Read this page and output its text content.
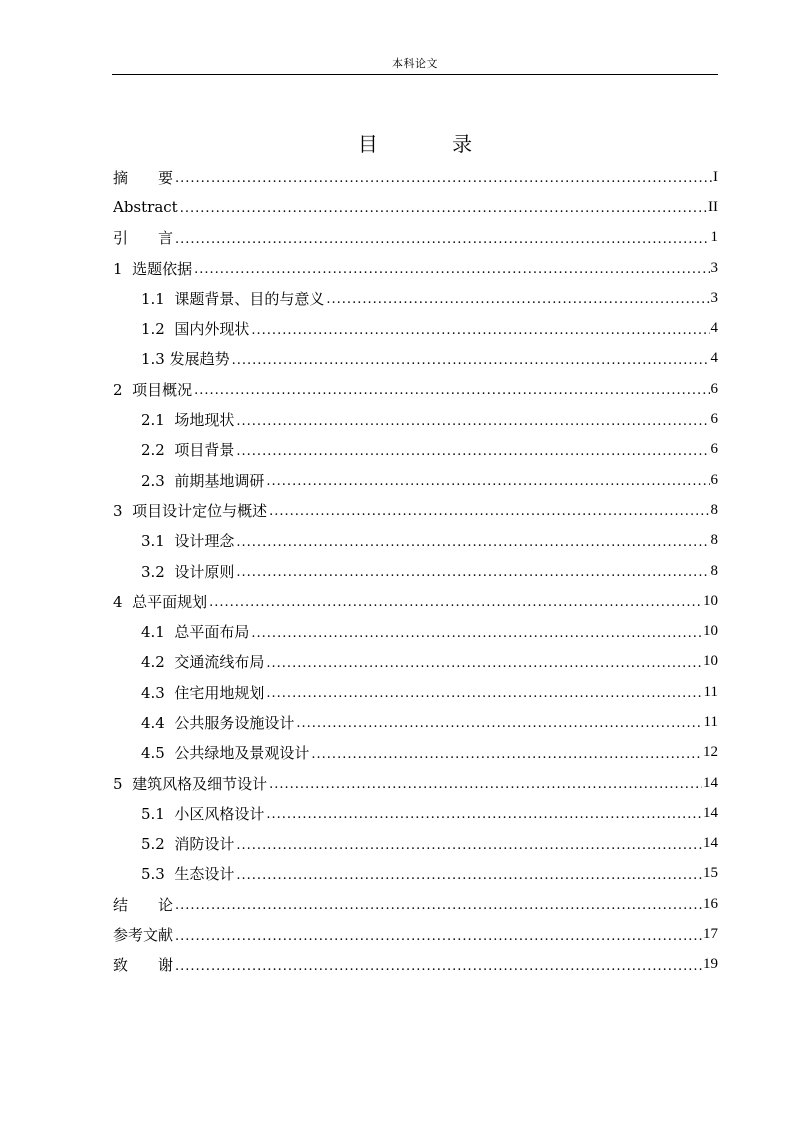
本科论文
目 录
摘　　要 .....	I
Abstract .....	II
引　　言 .....	1
1  选题依据 .....	3
1.1  课题背景、目的与意义 .....	3
1.2  国内外现状 .....	4
1.3 发展趋势 .....	4
2  项目概况 .....	6
2.1  场地现状 .....	6
2.2  项目背景 .....	6
2.3  前期基地调研 .....	6
3  项目设计定位与概述 .....	8
3.1  设计理念 .....	8
3.2  设计原则 .....	8
4  总平面规划 .....	10
4.1  总平面布局 .....	10
4.2  交通流线布局 .....	10
4.3  住宅用地规划 .....	11
4.4  公共服务设施设计 .....	11
4.5  公共绿地及景观设计 .....	12
5  建筑风格及细节设计 .....	14
5.1  小区风格设计 .....	14
5.2  消防设计 .....	14
5.3  生态设计 .....	15
结　　论 .....	16
参考文献 .....	17
致　　谢 .....	19
